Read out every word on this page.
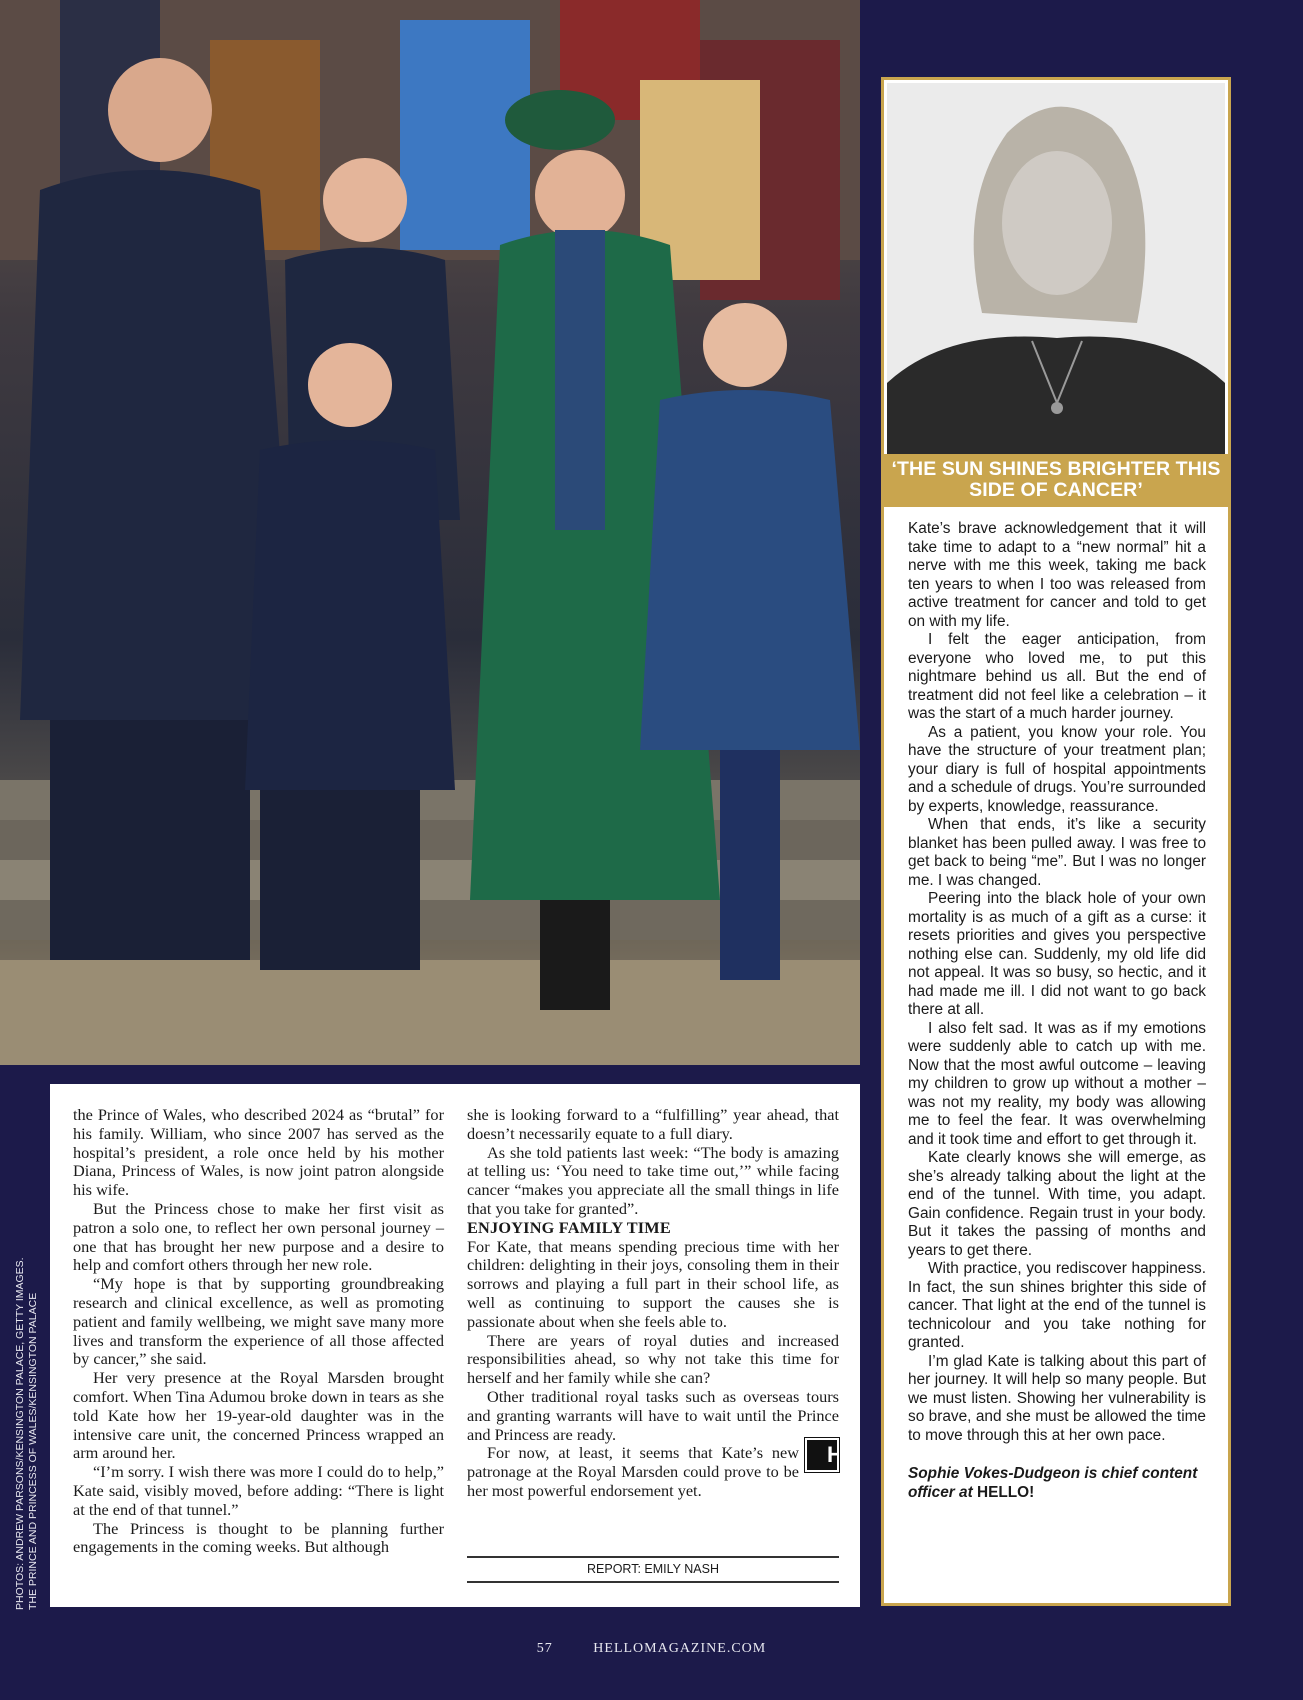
PHOTOS: ANDREW PARSONS/KENSINGTON PALACE, GETTY IMAGES. THE PRINCE AND PRINCESS OF WALES/KENSINGTON PALACE

the Prince of Wales, who described 2024 as “brutal” for his family. William, who since 2007 has served as the hospital’s president, a role once held by his mother Diana, Princess of Wales, is now joint patron alongside his wife.

But the Princess chose to make her first visit as patron a solo one, to reflect her own personal journey – one that has brought her new purpose and a desire to help and comfort others through her new role.

“My hope is that by supporting groundbreaking research and clinical excellence, as well as promoting patient and family wellbeing, we might save many more lives and transform the experience of all those affected by cancer,” she said.

Her very presence at the Royal Marsden brought comfort. When Tina Adumou broke down in tears as she told Kate how her 19-year-old daughter was in the intensive care unit, the concerned Princess wrapped an arm around her.

“I’m sorry. I wish there was more I could do to help,” Kate said, visibly moved, before adding: “There is light at the end of that tunnel.”

The Princess is thought to be planning further engagements in the coming weeks. But although

she is looking forward to a “fulfilling” year ahead, that doesn’t necessarily equate to a full diary.

As she told patients last week: “The body is amazing at telling us: ‘You need to take time out,’” while facing cancer “makes you appreciate all the small things in life that you take for granted”.

ENJOYING FAMILY TIME

For Kate, that means spending precious time with her children: delighting in their joys, consoling them in their sorrows and playing a full part in their school life, as well as continuing to support the causes she is passionate about when she feels able to.

There are years of royal duties and increased responsibilities ahead, so why not take this time for herself and her family while she can?

Other traditional royal tasks such as overseas tours and granting warrants will have to wait until the Prince and Princess are ready.

H
For now, at least, it seems that Kate’s new patronage at the Royal Marsden could prove to be her most powerful endorsement yet.

REPORT: EMILY NASH
‘THE SUN SHINES BRIGHTER THIS SIDE OF CANCER’

Kate’s brave acknowledgement that it will take time to adapt to a “new normal” hit a nerve with me this week, taking me back ten years to when I too was released from active treatment for cancer and told to get on with my life.

I felt the eager anticipation, from everyone who loved me, to put this nightmare behind us all. But the end of treatment did not feel like a celebration – it was the start of a much harder journey.

As a patient, you know your role. You have the structure of your treatment plan; your diary is full of hospital appointments and a schedule of drugs. You’re surrounded by experts, knowledge, reassurance.

When that ends, it’s like a security blanket has been pulled away. I was free to get back to being “me”. But I was no longer me. I was changed.

Peering into the black hole of your own mortality is as much of a gift as a curse: it resets priorities and gives you perspective nothing else can. Suddenly, my old life did not appeal. It was so busy, so hectic, and it had made me ill. I did not want to go back there at all.

I also felt sad. It was as if my emotions were suddenly able to catch up with me. Now that the most awful outcome – leaving my children to grow up without a mother – was not my reality, my body was allowing me to feel the fear. It was overwhelming and it took time and effort to get through it.

Kate clearly knows she will emerge, as she’s already talking about the light at the end of the tunnel. With time, you adapt. Gain confidence. Regain trust in your body. But it takes the passing of months and years to get there.

With practice, you rediscover happiness. In fact, the sun shines brighter this side of cancer. That light at the end of the tunnel is technicolour and you take nothing for granted.

I’m glad Kate is talking about this part of her journey. It will help so many people. But we must listen. Showing her vulnerability is so brave, and she must be allowed the time to move through this at her own pace.

Sophie Vokes-Dudgeon is chief content officer at HELLO!

57	HELLOMAGAZINE.COM
